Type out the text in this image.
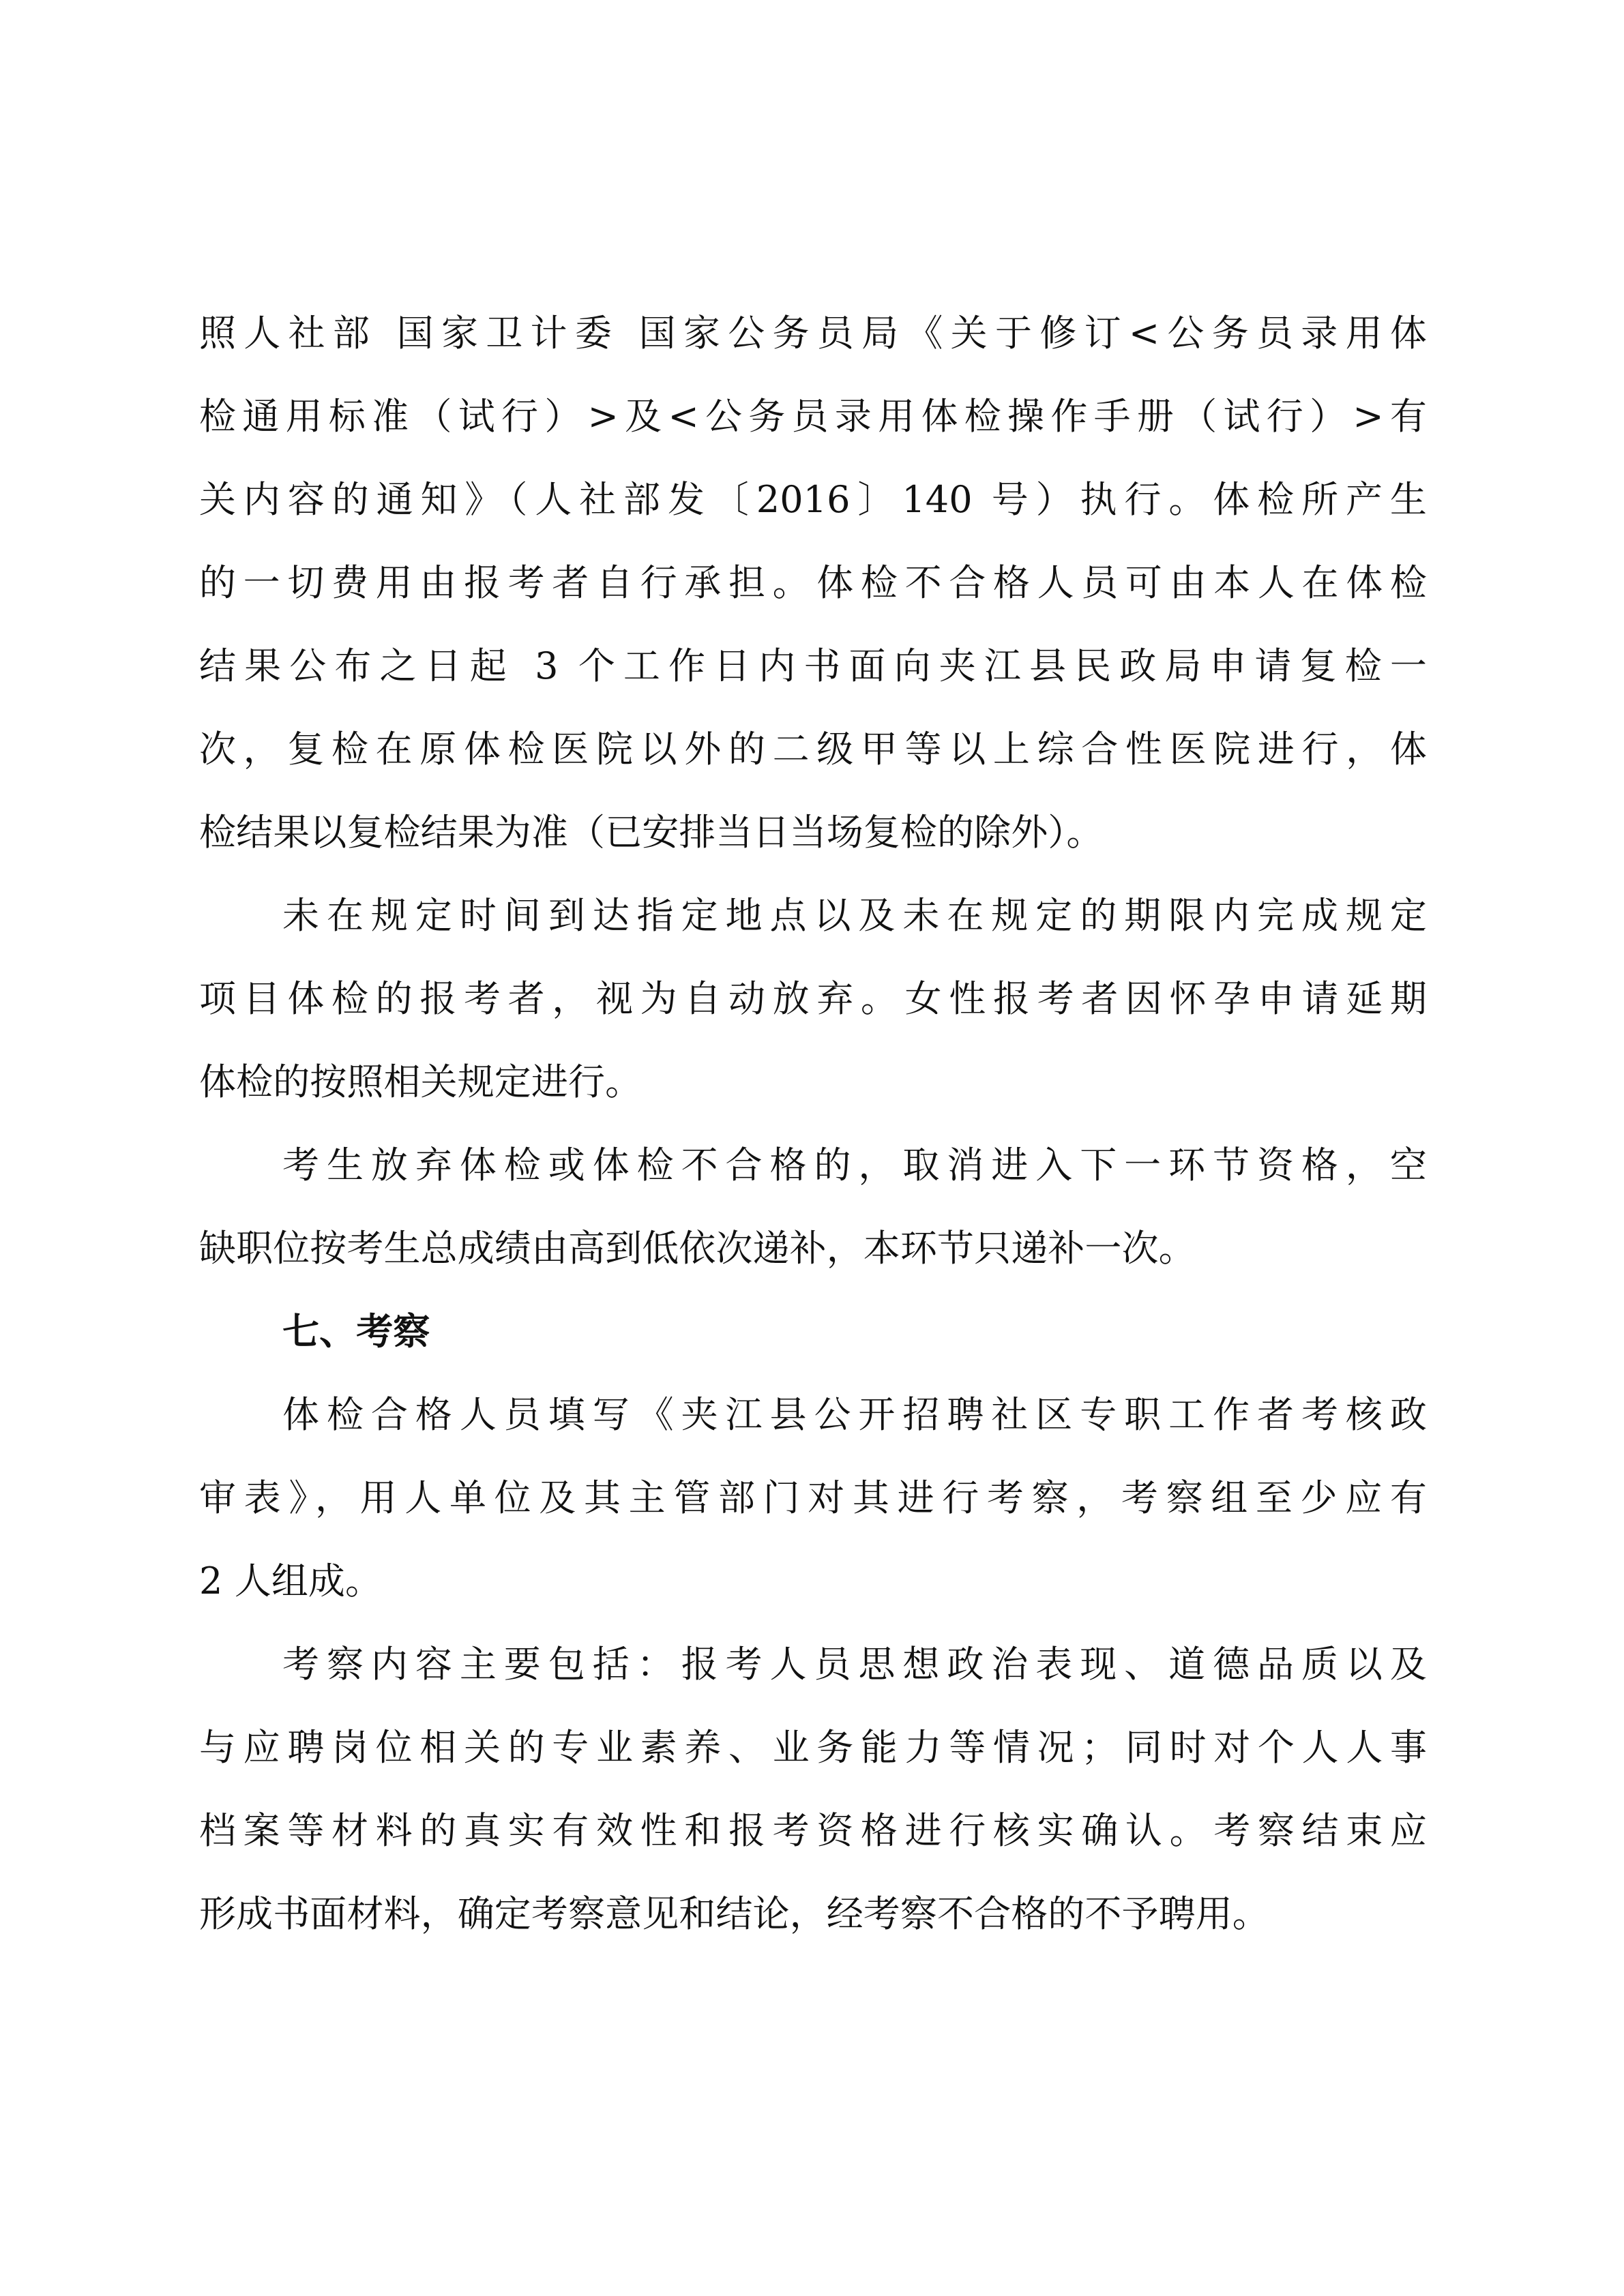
照人社部 国家卫计委 国家公务员局《关于修订<公务员录用体
检通用标准（试行）>及<公务员录用体检操作手册（试行）>有
关内容的通知》（人社部发〔2016〕140 号）执行。体检所产生
的一切费用由报考者自行承担。体检不合格人员可由本人在体检
结果公布之日起 3 个工作日内书面向夹江县民政局申请复检一
次，复检在原体检医院以外的二级甲等以上综合性医院进行，体
检结果以复检结果为准（已安排当日当场复检的除外）。

未在规定时间到达指定地点以及未在规定的期限内完成规定
项目体检的报考者，视为自动放弃。女性报考者因怀孕申请延期
体检的按照相关规定进行。

考生放弃体检或体检不合格的，取消进入下一环节资格，空
缺职位按考生总成绩由高到低依次递补，本环节只递补一次。

七、考察

体检合格人员填写《夹江县公开招聘社区专职工作者考核政
审表》，用人单位及其主管部门对其进行考察，考察组至少应有
2 人组成。

考察内容主要包括：报考人员思想政治表现、道德品质以及
与应聘岗位相关的专业素养、业务能力等情况；同时对个人人事
档案等材料的真实有效性和报考资格进行核实确认。考察结束应
形成书面材料，确定考察意见和结论，经考察不合格的不予聘用。
